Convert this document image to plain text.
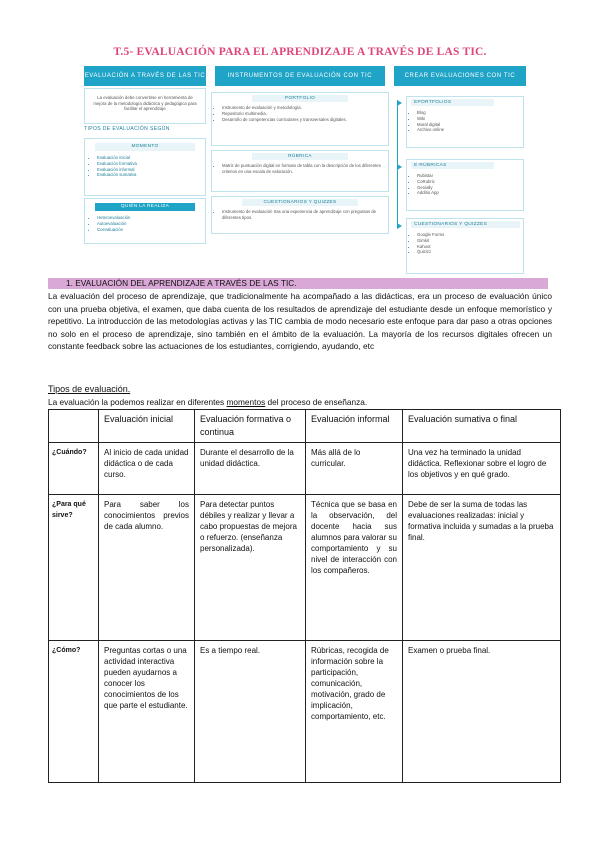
T.5- EVALUACIÓN PARA EL APRENDIZAJE A TRAVÉS DE LAS TIC.
EVALUACIÓN A TRAVÉS DE LAS TIC
La evaluación debe convertirse en herramienta de mejora de la metodología didáctica y pedagógica para facilitar el aprendizaje
TIPOS DE EVALUACIÓN SEGÚN
MOMENTO
• Evaluación inicial
• Evaluación formativa
• Evaluación informal
• Evaluación sumativa
QUIÉN LA REALIZA
• Heteroevaluación
• Autoevaluación
• Coevaluación
INSTRUMENTOS DE EVALUACIÓN CON TIC
PORTFOLIO
• Instrumento de evaluación y metodología.
• Repositorio multimedia.
• Desarrollo de competencias curriculares y transversales digitales.
RÚBRICA
• Matriz de puntuación digital en formato de tabla con la descripción de los diferentes criterios en una escala de valoración.
CUESTIONARIOS Y QUIZZES
• Instrumento de evaluación tras una experiencia de aprendizaje con preguntas de diferentes tipos.
CREAR EVALUACIONES CON TIC
EPORTFOLIOS
• Blog
• Wiki
• Mural digital
• Archivo online
E-RÚBRICAS
• Rubistar
• CoRubric
• Genially
• Additio App
CUESTIONARIOS Y QUIZZES
• Google Forms
• Gimkit
• Kahoot
• Quizizz
1. EVALUACIÓN DEL APRENDIZAJE A TRAVÉS DE LAS TIC.
La evaluación del proceso de aprendizaje, que tradicionalmente ha acompañado a las didácticas, era un proceso de evaluación único con una prueba objetiva, el examen, que daba cuenta de los resultados de aprendizaje del estudiante desde un enfoque memorístico y repetitivo. La introducción de las metodologías activas y las TIC cambia de modo necesario este enfoque para dar paso a otras opciones no solo en el proceso de aprendizaje, sino también en el ámbito de la evaluación. La mayoría de los recursos digitales ofrecen un constante feedback sobre las actuaciones de los estudiantes, corrigiendo, ayudando, etc
Tipos de evaluación.
La evaluación la podemos realizar en diferentes momentos del proceso de enseñanza.
	Evaluación inicial	Evaluación formativa o continua	Evaluación informal	Evaluación sumativa o final
¿Cuándo?	Al inicio de cada unidad didáctica o de cada curso.	Durante el desarrollo de la unidad didáctica.	Más allá de lo curricular.	Una vez ha terminado la unidad didáctica. Reflexionar sobre el logro de los objetivos y en qué grado.
¿Para qué sirve?	Para saber los conocimientos previos de cada alumno.	Para detectar puntos débiles y realizar y llevar a cabo propuestas de mejora o refuerzo. (enseñanza personalizada).	Técnica que se basa en la observación, del docente hacia sus alumnos para valorar su comportamiento y su nivel de interacción con los compañeros.	Debe de ser la suma de todas las evaluaciones realizadas: inicial y formativa incluida y sumadas a la prueba final.
¿Cómo?	Preguntas cortas o una actividad interactiva pueden ayudarnos a conocer los conocimientos de los que parte el estudiante.	Es a tiempo real.	Rúbricas, recogida de información sobre la participación, comunicación, motivación, grado de implicación, comportamiento, etc.	Examen o prueba final.
